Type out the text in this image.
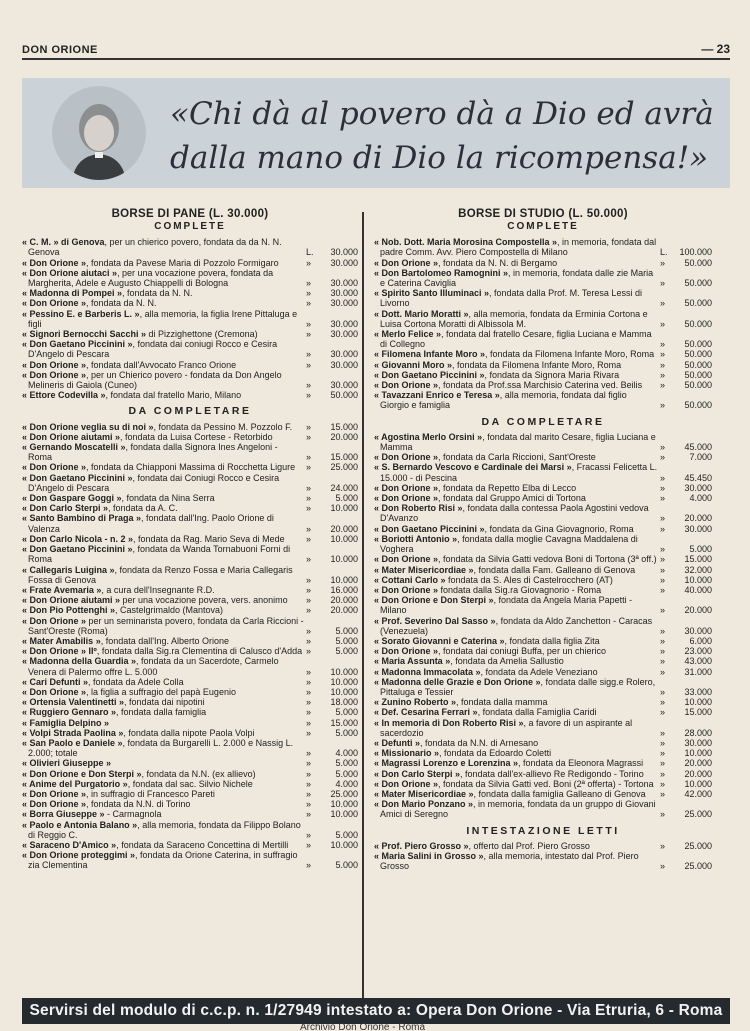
DON ORIONE	— 23
«Chi dà al povero dà a Dio ed avrà dalla mano di Dio la ricompensa!»
BORSE DI PANE (L. 30.000)
COMPLETE
« C. M. » di Genova, per un chierico povero, fondata da da N. N. Genova	L.	30.000
« Don Orione », fondata da Pavese Maria di Pozzolo Formigaro	»	30.000
« Don Orione aiutaci », per una vocazione povera, fondata da Margherita, Adele e Augusto Chiappelli di Bologna	»	30.000
« Madonna di Pompei », fondata da N. N.	»	30.000
« Don Orione », fondata da N. N.	»	30.000
« Pessino E. e Barberis L. », alla memoria, la figlia Irene Pittaluga e figli	»	30.000
« Signori Bernocchi Sacchi » di Pizzighettone (Cremona)	»	30.000
« Don Gaetano Piccinini », fondata dai coniugi Rocco e Cesira D'Angelo di Pescara	»	30.000
« Don Orione », fondata dall'Avvocato Franco Orione	»	30.000
« Don Orione », per un Chierico povero - fondata da Don Angelo Melineris di Gaiola (Cuneo)	»	30.000
« Ettore Codevilla », fondata dal fratello Mario, Milano	»	50.000
DA COMPLETARE
« Don Orione veglia su di noi », fondata da Pessino M. Pozzolo F.	»	15.000
« Don Orione aiutami », fondata da Luisa Cortese - Retorbido	»	20.000
« Gernando Moscatelli », fondata dalla Signora Ines Angeloni - Roma	»	15.000
« Don Orione », fondata da Chiapponi Massima di Rocchetta Ligure	»	25.000
« Don Gaetano Piccinini », fondata dai Coniugi Rocco e Cesira D'Angelo di Pescara	»	24.000
« Don Gaspare Goggi », fondata da Nina Serra	»	5.000
« Don Carlo Sterpi », fondata da A. C.	»	10.000
« Santo Bambino di Praga », fondata dall'Ing. Paolo Orione di Valenza	»	20.000
« Don Carlo Nicola - n. 2 », fondata da Rag. Mario Seva di Mede	»	10.000
« Don Gaetano Piccinini », fondata da Wanda Tornabuoni Forni di Roma	»	10.000
« Callegaris Luigina », fondata da Renzo Fossa e Maria Callegaris Fossa di Genova	»	10.000
« Frate Avemaria », a cura dell'Insegnante R.D.	»	16.000
« Don Orione aiutami » per una vocazione povera, vers. anonimo	»	20.000
« Don Pio Pottenghi », Castelgrimaldo (Mantova)	»	20.000
« Don Orione » per un seminarista povero, fondata da Carla Riccioni - Sant'Oreste (Roma)	»	5.000
« Mater Amabilis », fondata dall'Ing. Alberto Orione	»	5.000
« Don Orione » IIº, fondata dalla Sig.ra Clementina di Calusco d'Adda »	5.000
« Madonna della Guardia », fondata da un Sacerdote, Carmelo Venera di Palermo offre L. 5.000	»	10.000
« Cari Defunti », fondata da Adele Colla	»	10.000
« Don Orione », la figlia a suffragio del papà Eugenio	»	10.000
« Ortensia Valentinetti », fondata dai nipotini	»	18.000
« Ruggiero Gennaro », fondata dalla famiglia	»	5.000
« Famiglia Delpino »	»	15.000
« Volpi Strada Paolina », fondata dalla nipote Paola Volpi	»	5.000
« San Paolo e Daniele », fondata da Burgarelli L. 2.000 e Nassig L. 2.000; totale	»	4.000
« Olivieri Giuseppe »	»	5.000
« Don Orione e Don Sterpi », fondata da N.N. (ex allievo)	»	5.000
« Anime del Purgatorio », fondata dal sac. Silvio Nichele	»	4.000
« Don Orione », in suffragio di Francesco Pareti	»	25.000
« Don Orione », fondata da N.N. di Torino	»	10.000
« Borra Giuseppe » - Carmagnola	»	10.000
« Paolo e Antonia Balano », alla memoria, fondata da Filippo Bolano di Reggio C.	»	5.000
« Saraceno D'Amico », fondata da Saraceno Concettina di Mertilli	»	10.000
« Don Orione proteggimi », fondata da Orione Caterina, in suffragio zia Clementina	»	5.000
BORSE DI STUDIO (L. 50.000)
COMPLETE
« Nob. Dott. Maria Morosina Compostella », in memoria, fondata dal padre Comm. Avv. Piero Compostella di Milano	L.	100.000
« Don Orione », fondata da N. N. di Bergamo	»	50.000
« Don Bartolomeo Ramognini », in memoria, fondata dalle zie Maria e Caterina Caviglia	»	50.000
« Spirito Santo Illuminaci », fondata dalla Prof. M. Teresa Lessi di Livorno	»	50.000
« Dott. Mario Moratti », alla memoria, fondata da Erminia Cortona e Luisa Cortona Moratti di Albissola M.	»	50.000
« Merlo Felice », fondata dal fratello Cesare, figlia Luciana e Mamma di Collegno	»	50.000
« Filomena Infante Moro », fondata da Filomena Infante Moro, Roma »	50.000
« Giovanni Moro », fondata da Filomena Infante Moro, Roma	»	50.000
« Don Gaetano Piccinini », fondata da Signora Maria Rivara	»	50.000
« Don Orione », fondata da Prof.ssa Marchisio Caterina ved. Beilis	»	50.000
« Tavazzani Enrico e Teresa », alla memoria, fondata dal figlio Giorgio e famiglia	»	50.000
DA COMPLETARE
« Agostina Merlo Orsini », fondata dal marito Cesare, figlia Luciana e Mamma	»	45.000
« Don Orione », fondata da Carla Riccioni, Sant'Oreste	»	7.000
« S. Bernardo Vescovo e Cardinale dei Marsi », Fracassi Felicetta L. 15.000 - di Pescina	»	45.450
« Don Orione », fondata da Repetto Elba di Lecco	»	30.000
« Don Orione », fondata dal Gruppo Amici di Tortona	»	4.000
« Don Roberto Risi », fondata dalla contessa Paola Agostini vedova D'Avanzo	»	20.000
« Don Gaetano Piccinini », fondata da Gina Giovagnorio, Roma	»	30.000
« Boriotti Antonio », fondata dalla moglie Cavagna Maddalena di Voghera	»	5.000
« Don Orione », fondata da Silvia Gatti vedova Boni di Tortona (3ª off.) »	15.000
« Mater Misericordiae », fondata dalla Fam. Galleano di Genova	»	32.000
« Cottani Carlo » fondata da S. Ales di Castelrocchero (AT)	»	10.000
« Don Orione » fondata dalla Sig.ra Giovagnorio - Roma	»	40.000
« Don Orione e Don Sterpi », fondata da Angela Maria Papetti - Milano	»	20.000
« Prof. Severino Dal Sasso », fondata da Aldo Zanchetton - Caracas (Venezuela)	»	30.000
« Sorato Giovanni e Caterina », fondata dalla figlia Zita	»	6.000
« Don Orione », fondata dai coniugi Buffa, per un chierico	»	23.000
« Maria Assunta », fondata da Amelia Sallustio	»	43.000
« Madonna Immacolata », fondata da Adele Veneziano	»	31.000
« Madonna delle Grazie e Don Orione », fondata dalle sigg.e Rolero, Pittaluga e Tessier	»	33.000
« Zunino Roberto », fondata dalla mamma	»	10.000
« Def. Cesarina Ferrari », fondata dalla Famiglia Caridi	»	15.000
« In memoria di Don Roberto Risi », a favore di un aspirante al sacerdozio	»	28.000
« Defunti », fondata da N.N. di Arnesano	»	30.000
« Missionario », fondata da Edoardo Coletti	»	10.000
« Magrassi Lorenzo e Lorenzina », fondata da Eleonora Magrassi	»	20.000
« Don Carlo Sterpi », fondata dall'ex-allievo Re Redigondo - Torino	»	20.000
« Don Orione », fondata da Silvia Gatti ved. Boni (2ª offerta) - Tortona »	10.000
« Mater Misericordiae », fondata dalla famiglia Galleano di Genova	»	42.000
« Don Mario Ponzano », in memoria, fondata da un gruppo di Giovani Amici di Seregno	»	25.000
INTESTAZIONE LETTI
« Prof. Piero Grosso », offerto dal Prof. Piero Grosso	»	25.000
« Maria Salini in Grosso », alla memoria, intestato dal Prof. Piero Grosso	»	25.000
Servirsi del modulo di c.c.p. n. 1/27949 intestato a: Opera Don Orione - Via Etruria, 6 - Roma
Archivio Don Orione - Roma
